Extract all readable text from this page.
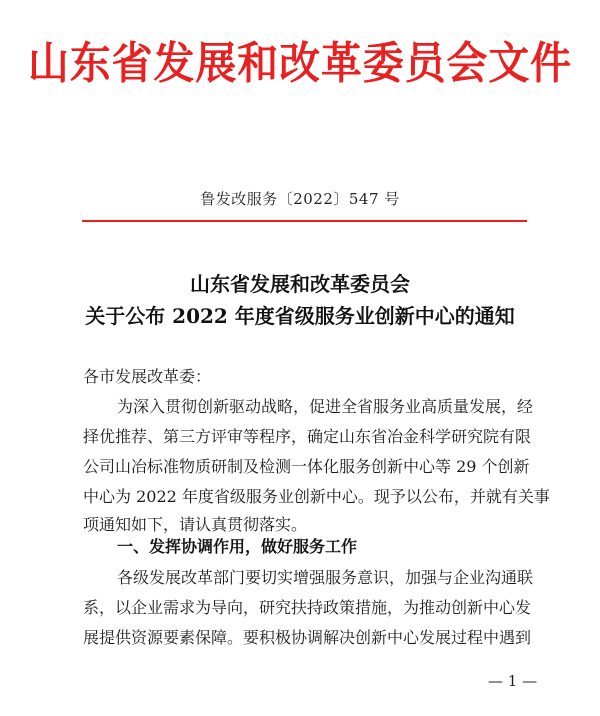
山东省发展和改革委员会文件
鲁发改服务〔2022〕547 号
山东省发展和改革委员会
关于公布 2022 年度省级服务业创新中心的通知
各市发展改革委：
为深入贯彻创新驱动战略，促进全省服务业高质量发展，经
择优推荐、第三方评审等程序，确定山东省冶金科学研究院有限
公司山冶标准物质研制及检测一体化服务创新中心等 29 个创新
中心为 2022 年度省级服务业创新中心。现予以公布，并就有关事
项通知如下，请认真贯彻落实。
一、发挥协调作用，做好服务工作
各级发展改革部门要切实增强服务意识，加强与企业沟通联
系，以企业需求为导向，研究扶持政策措施，为推动创新中心发
展提供资源要素保障。要积极协调解决创新中心发展过程中遇到
— 1 —
